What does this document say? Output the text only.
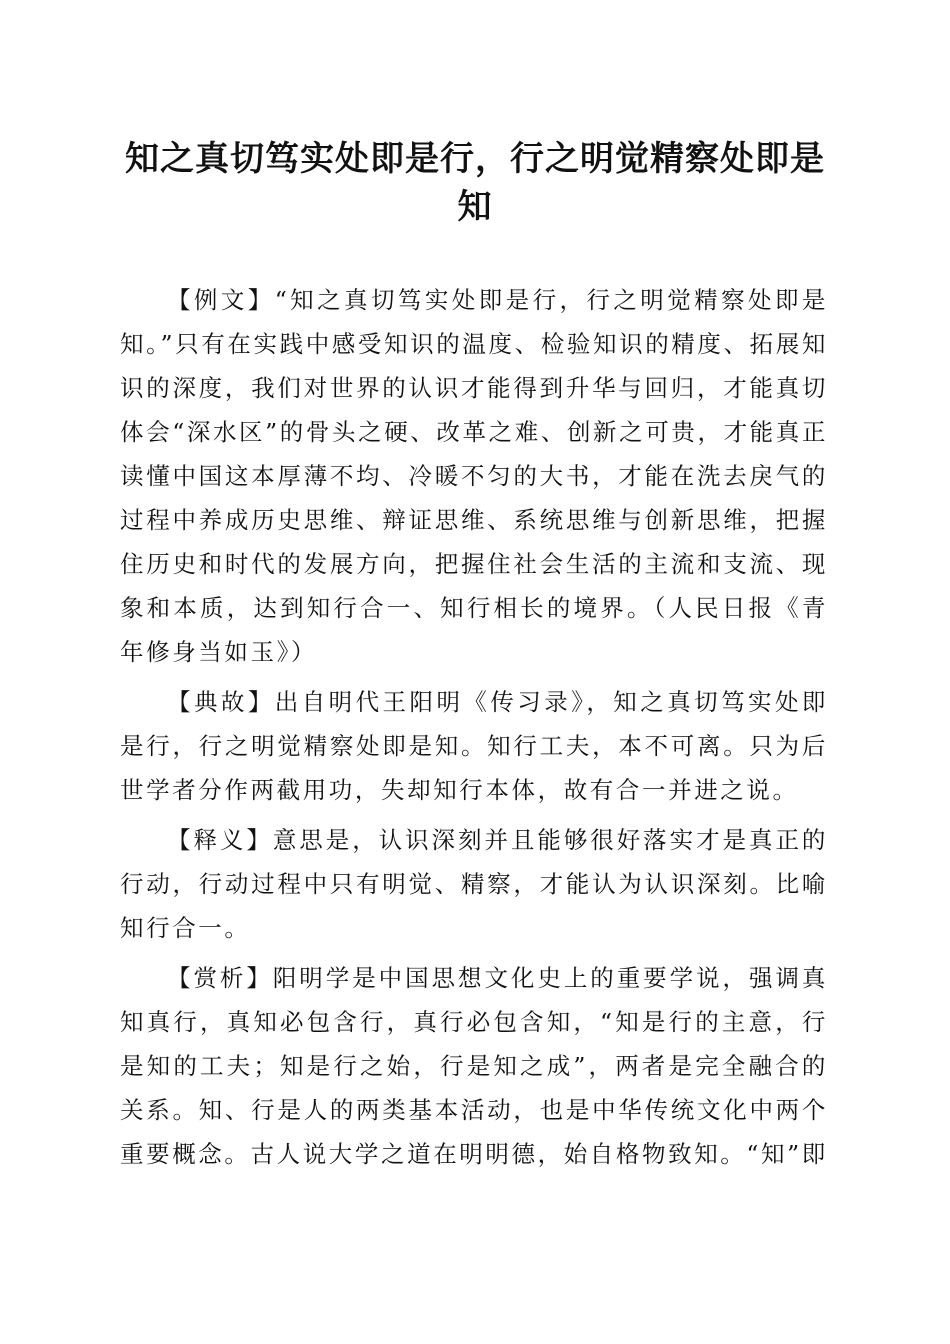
知之真切笃实处即是行，行之明觉精察处即是知

【例文】“知之真切笃实处即是行，行之明觉精察处即是知。”只有在实践中感受知识的温度、检验知识的精度、拓展知识的深度，我们对世界的认识才能得到升华与回归，才能真切体会“深水区”的骨头之硬、改革之难、创新之可贵，才能真正读懂中国这本厚薄不均、冷暖不匀的大书，才能在洗去戾气的过程中养成历史思维、辩证思维、系统思维与创新思维，把握住历史和时代的发展方向，把握住社会生活的主流和支流、现象和本质，达到知行合一、知行相长的境界。（人民日报《青年修身当如玉》）

【典故】出自明代王阳明《传习录》，知之真切笃实处即是行，行之明觉精察处即是知。知行工夫，本不可离。只为后世学者分作两截用功，失却知行本体，故有合一并进之说。

【释义】意思是，认识深刻并且能够很好落实才是真正的行动，行动过程中只有明觉、精察，才能认为认识深刻。比喻知行合一。

【赏析】阳明学是中国思想文化史上的重要学说，强调真知真行，真知必包含行，真行必包含知，“知是行的主意，行是知的工夫；知是行之始，行是知之成”，两者是完全融合的关系。知、行是人的两类基本活动，也是中华传统文化中两个重要概念。古人说大学之道在明明德，始自格物致知。“知”即
